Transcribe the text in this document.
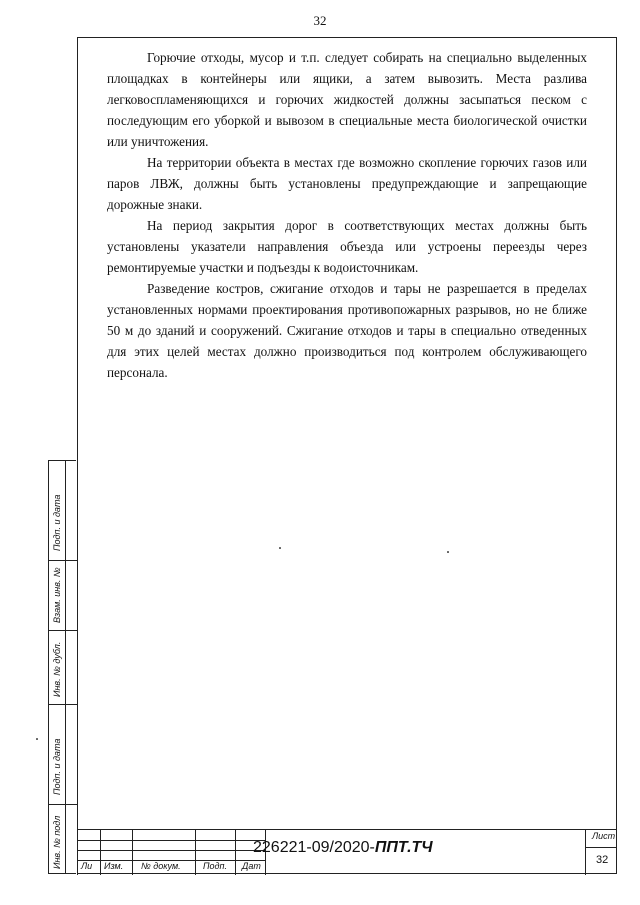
32

Горючие отходы, мусор и т.п. следует собирать на специально выделенных площадках в контейнеры или ящики, а затем вывозить. Места разлива легковоспламеняющихся и горючих жидкостей должны засыпаться песком с последующим его уборкой и вывозом в специальные места биологической очистки или уничтожения.

На территории объекта в местах где возможно скопление горючих газов или паров ЛВЖ, должны быть установлены предупреждающие и запрещающие дорожные знаки.

На период закрытия дорог в соответствующих местах должны быть установлены указатели направления объезда или устроены переезды через ремонтируемые участки и подъезды к водоисточникам.

Разведение костров, сжигание отходов и тары не разрешается в пределах установленных нормами проектирования противопожарных разрывов, но не ближе 50 м до зданий и сооружений. Сжигание отходов и тары в специально отведенных для этих целей местах должно производиться под контролем обслуживающего персонала.

Подп. и дата
Взам. инв. №
Инв. № дубл.
Подп. и дата
Инв. № подл Ли Изм. № докум. Подп. Дат
226221-09/2020-ППТ.ТЧ
Лист
32
